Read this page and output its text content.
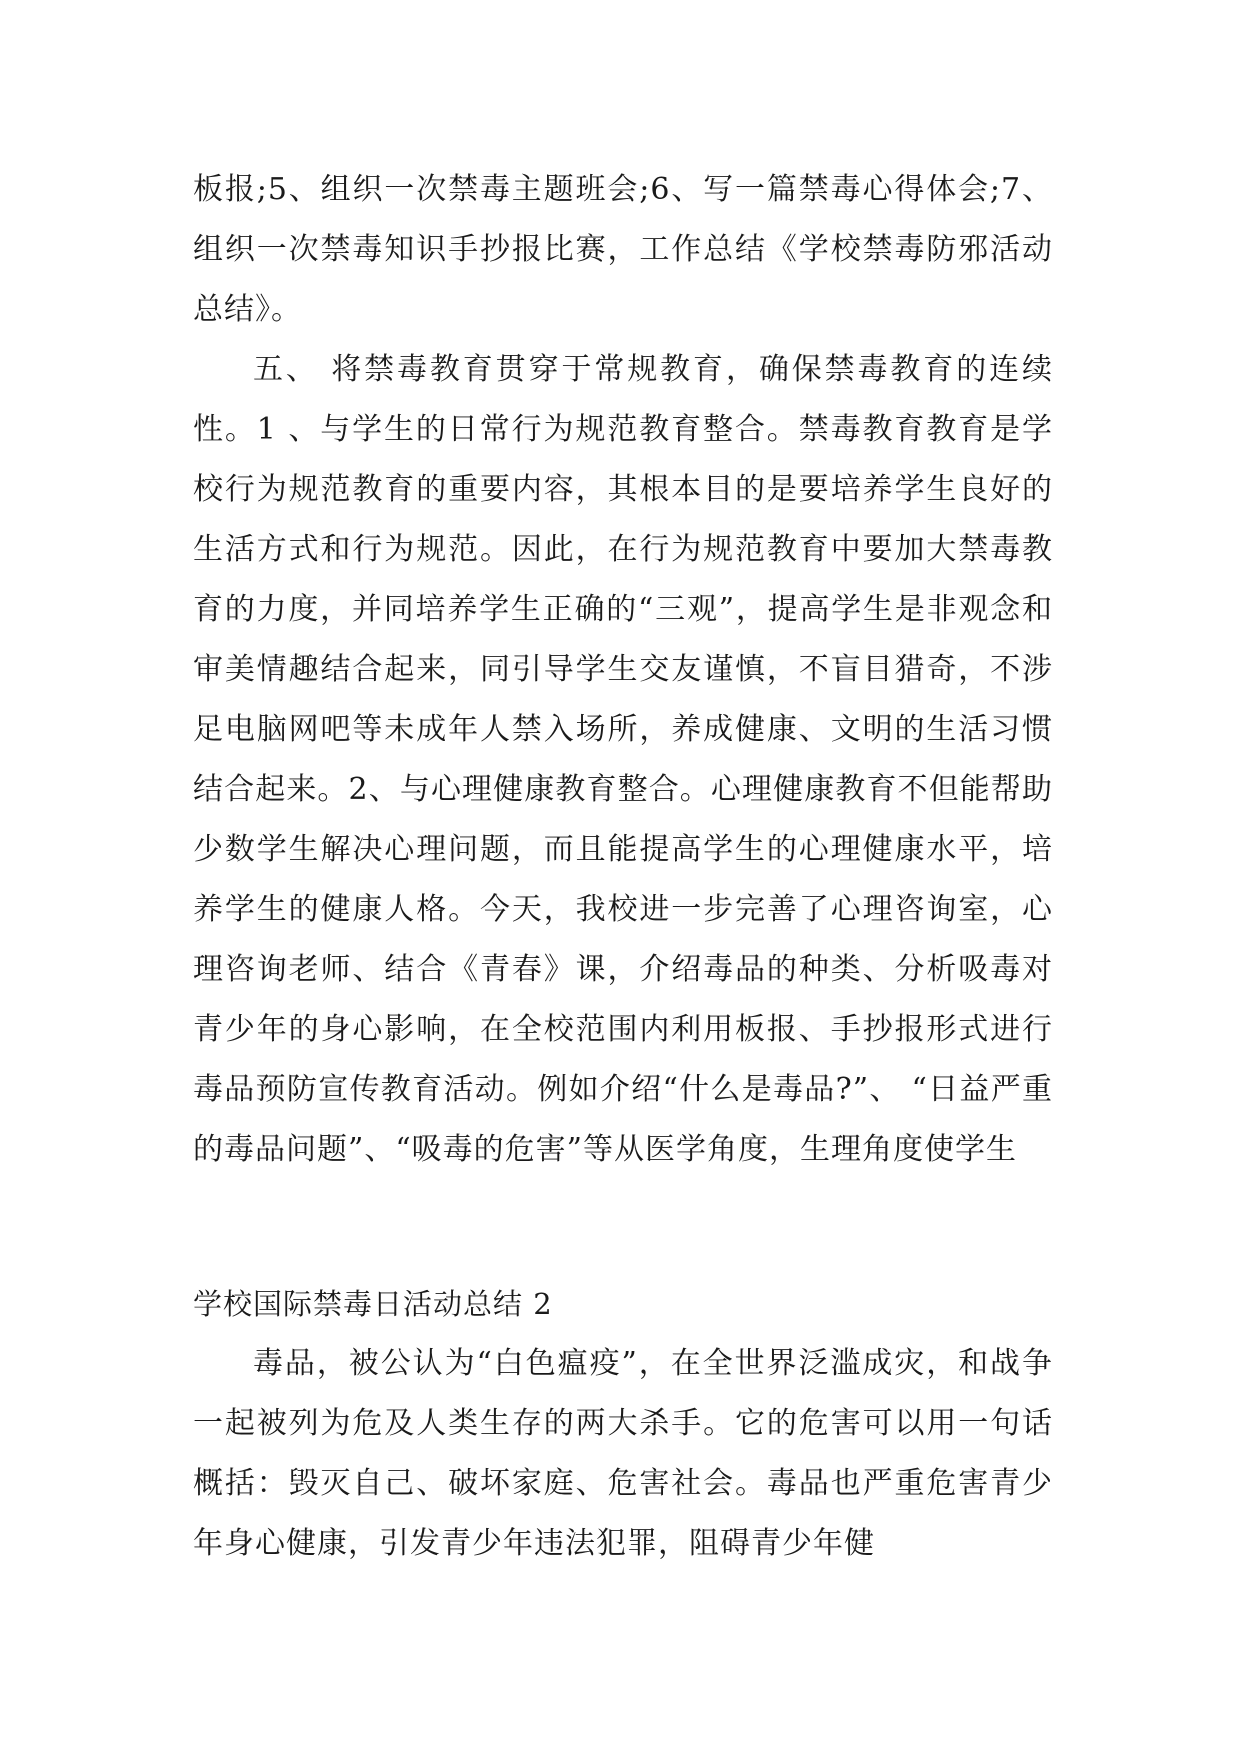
板报;5、组织一次禁毒主题班会;6、写一篇禁毒心得体会;7、组织一次禁毒知识手抄报比赛，工作总结《学校禁毒防邪活动总结》。

五、 将禁毒教育贯穿于常规教育，确保禁毒教育的连续性。1 、与学生的日常行为规范教育整合。禁毒教育教育是学校行为规范教育的重要内容，其根本目的是要培养学生良好的生活方式和行为规范。因此，在行为规范教育中要加大禁毒教育的力度，并同培养学生正确的“三观”，提高学生是非观念和审美情趣结合起来，同引导学生交友谨慎，不盲目猎奇，不涉足电脑网吧等未成年人禁入场所，养成健康、文明的生活习惯结合起来。2、与心理健康教育整合。心理健康教育不但能帮助少数学生解决心理问题，而且能提高学生的心理健康水平，培养学生的健康人格。今天，我校进一步完善了心理咨询室，心理咨询老师、结合《青春》课，介绍毒品的种类、分析吸毒对青少年的身心影响，在全校范围内利用板报、手抄报形式进行毒品预防宣传教育活动。例如介绍“什么是毒品?”、 “日益严重的毒品问题”、“吸毒的危害”等从医学角度，生理角度使学生

学校国际禁毒日活动总结 2

毒品，被公认为“白色瘟疫”，在全世界泛滥成灾，和战争一起被列为危及人类生存的两大杀手。它的危害可以用一句话概括：毁灭自己、破坏家庭、危害社会。毒品也严重危害青少年身心健康，引发青少年违法犯罪，阻碍青少年健
